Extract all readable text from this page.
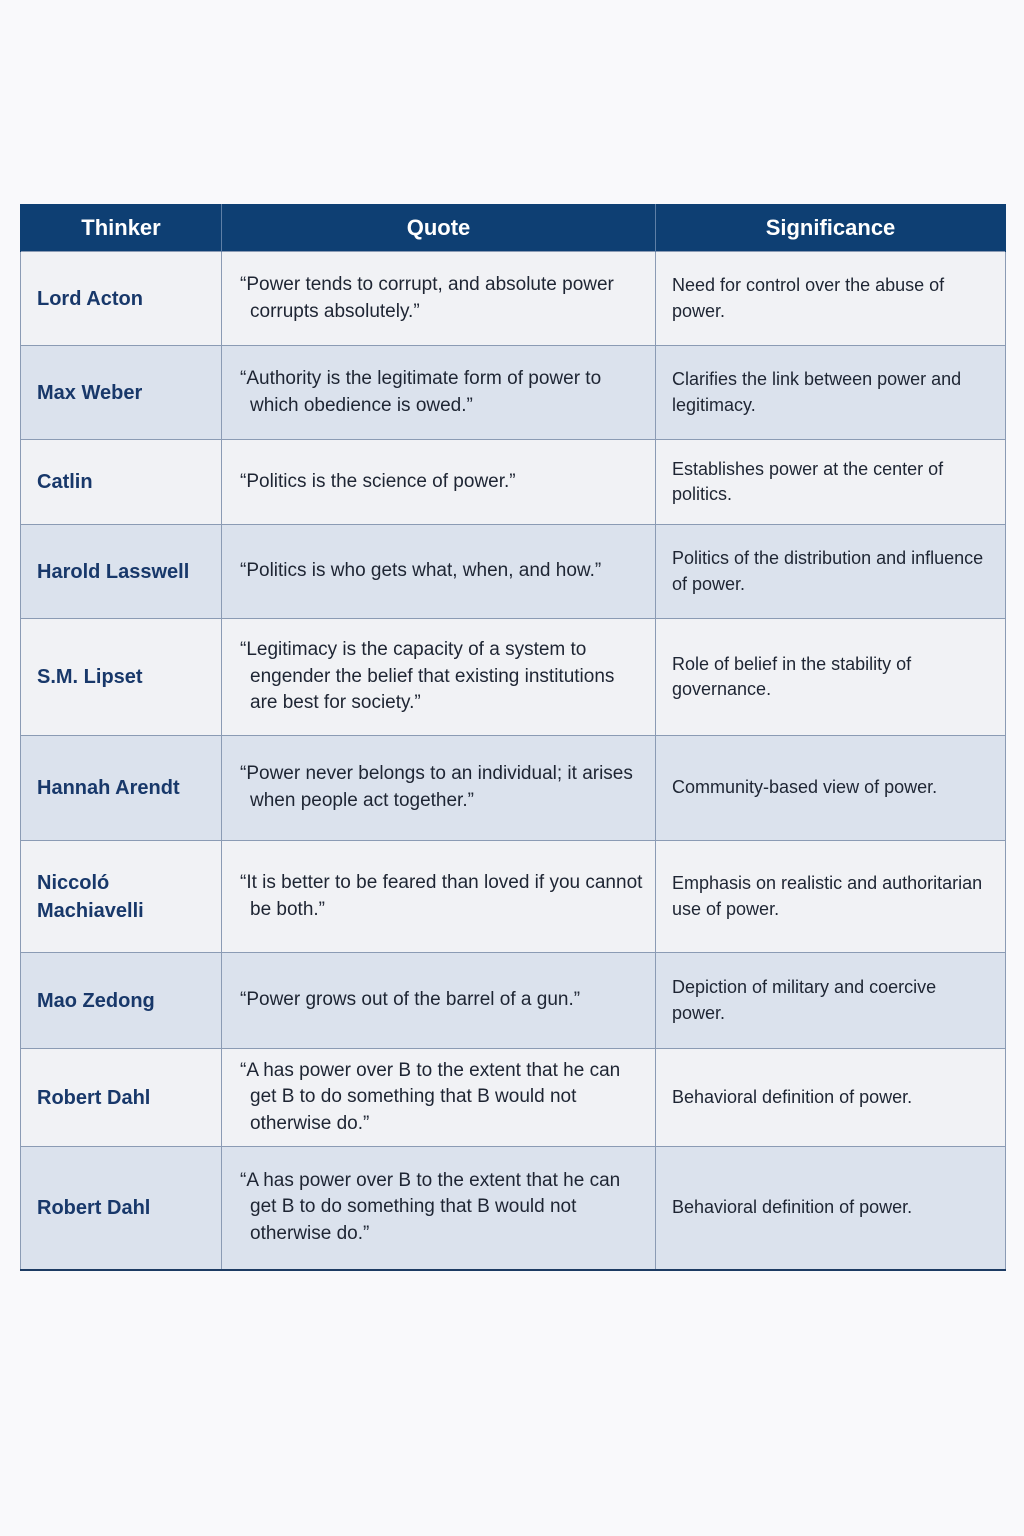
Thinker	Quote	Significance
Lord Acton	“Power tends to corrupt, and absolute power corrupts absolutely.”	Need for control over the abuse of power.
Max Weber	“Authority is the legitimate form of power to which obedience is owed.”	Clarifies the link between power and legitimacy.
Catlin	“Politics is the science of power.”	Establishes power at the center of politics.
Harold Lasswell	“Politics is who gets what, when, and how.”	Politics of the distribution and influence of power.
S.M. Lipset	“Legitimacy is the capacity of a system to engender the belief that existing institutions are best for society.”	Role of belief in the stability of governance.
Hannah Arendt	“Power never belongs to an individual; it arises when people act together.”	Community-based view of power.
Niccoló Machiavelli	“It is better to be feared than loved if you cannot be both.”	Emphasis on realistic and authoritarian use of power.
Mao Zedong	“Power grows out of the barrel of a gun.”	Depiction of military and coercive power.
Robert Dahl	“A has power over B to the extent that he can get B to do something that B would not otherwise do.”	Behavioral definition of power.
Robert Dahl	“A has power over B to the extent that he can get B to do something that B would not otherwise do.”	Behavioral definition of power.
